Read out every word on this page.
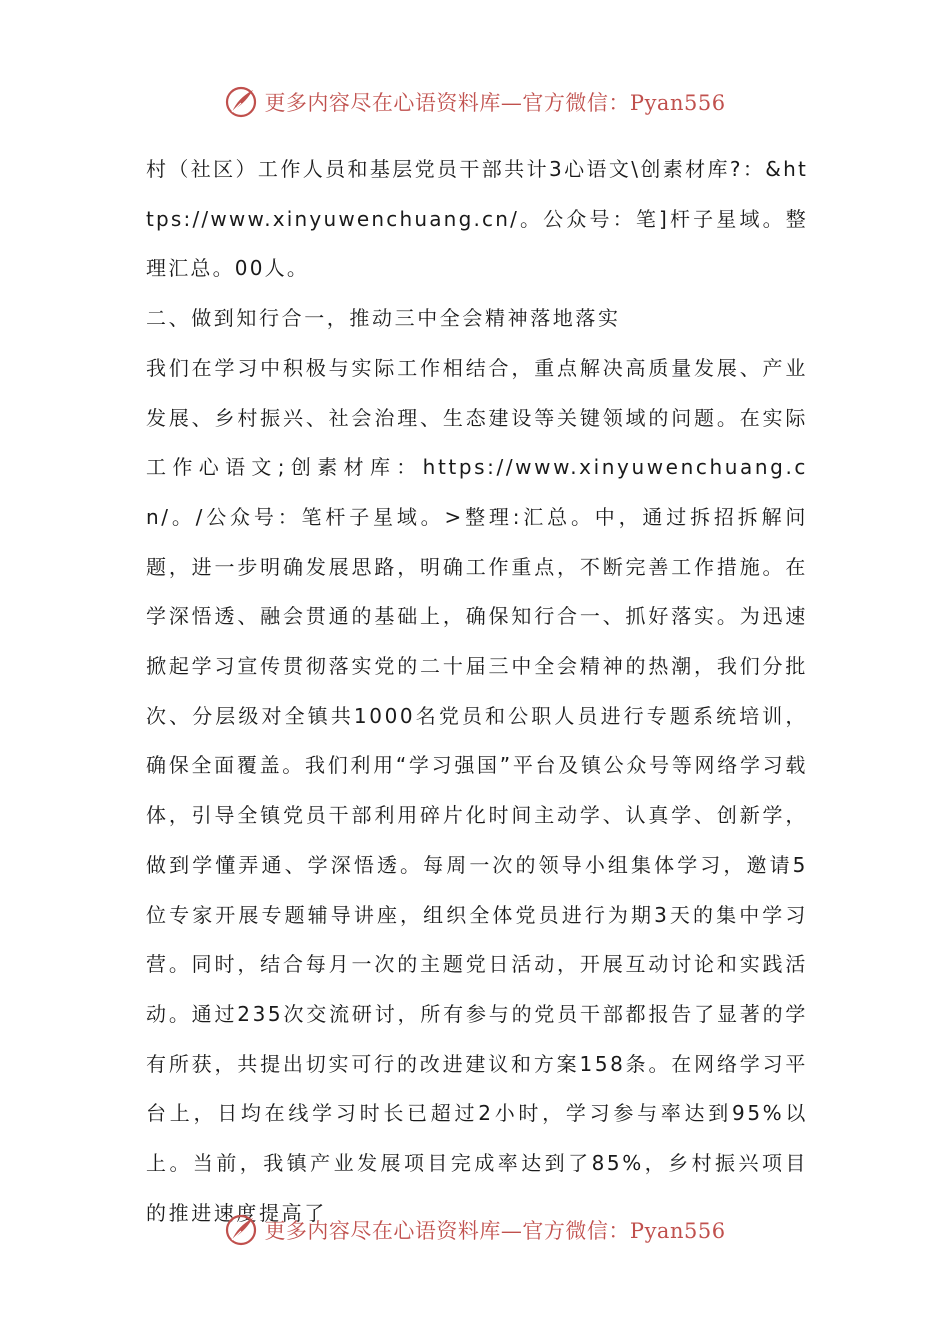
更多内容尽在心语资料库—官方微信：Pyan556

村（社区）工作人员和基层党员干部共计3心语文\创素材库?：&https://www.xinyuwenchuang.cn/。公众号：笔]杆子星域。整理汇总。00人。

二、做到知行合一，推动三中全会精神落地落实

我们在学习中积极与实际工作相结合，重点解决高质量发展、产业发展、乡村振兴、社会治理、生态建设等关键领域的问题。在实际工作心语文;创素材库：https://www.xinyuwenchuang.cn/。/公众号：笔杆子星域。>整理:汇总。中，通过拆招拆解问题，进一步明确发展思路，明确工作重点，不断完善工作措施。在学深悟透、融会贯通的基础上，确保知行合一、抓好落实。为迅速掀起学习宣传贯彻落实党的二十届三中全会精神的热潮，我们分批次、分层级对全镇共1000名党员和公职人员进行专题系统培训，确保全面覆盖。我们利用“学习强国”平台及镇公众号等网络学习载体，引导全镇党员干部利用碎片化时间主动学、认真学、创新学，做到学懂弄通、学深悟透。每周一次的领导小组集体学习，邀请5位专家开展专题辅导讲座，组织全体党员进行为期3天的集中学习营。同时，结合每月一次的主题党日活动，开展互动讨论和实践活动。通过235次交流研讨，所有参与的党员干部都报告了显著的学有所获，共提出切实可行的改进建议和方案158条。在网络学习平台上，日均在线学习时长已超过2小时，学习参与率达到95%以上。当前，我镇产业发展项目完成率达到了85%，乡村振兴项目的推进速度提高了

更多内容尽在心语资料库—官方微信：Pyan556
